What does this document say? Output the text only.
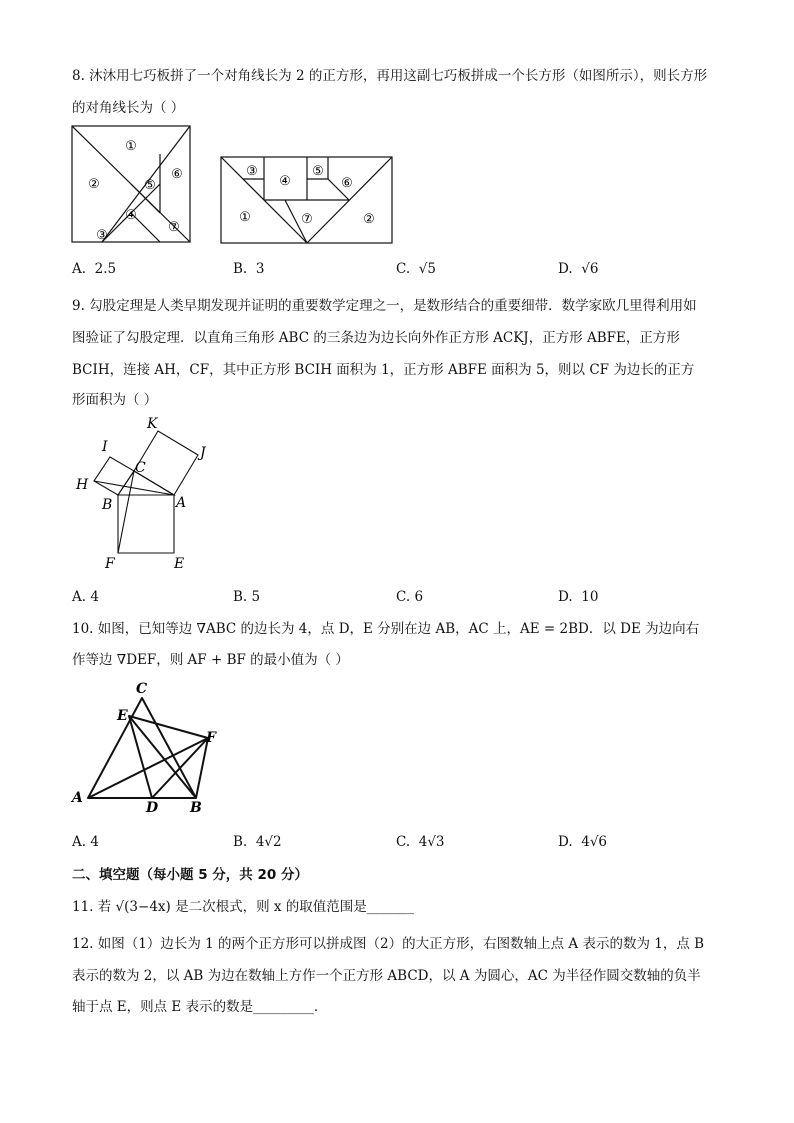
8. 沐沐用七巧板拼了一个对角线长为 2 的正方形，再用这副七巧板拼成一个长方形（如图所示），则长方形
的对角线长为（ ）
①
②	⑤
⑥
④
③
⑦
③
④
⑤
⑥
①	⑦	②
A. 2.5	B. 3	C. √5	D. √6
9. 勾股定理是人类早期发现并证明的重要数学定理之一，是数形结合的重要细带．数学家欧几里得利用如
图验证了勾股定理．以直角三角形 ABC 的三条边为边长向外作正方形 ACKJ，正方形 ABFE，正方形
BCIH，连接 AH，CF，其中正方形 BCIH 面积为 1，正方形 ABFE 面积为 5，则以 CF 为边长的正方
形面积为（ ）
K
I	J
C
H
B	A
F	E
A. 4	B. 5	C. 6	D. 10
10. 如图，已知等边 ∇ABC 的边长为 4，点 D，E 分别在边 AB，AC 上，AE = 2BD．以 DE 为边向右
作等边 ∇DEF，则 AF + BF 的最小值为（ ）
C
E
F
A
D B
A. 4	B. 4√2	C. 4√3	D. 4√6
二、填空题（每小题 5 分，共 20 分）
11. 若 √(3−4x) 是二次根式，则 x 的取值范围是_______
12. 如图（1）边长为 1 的两个正方形可以拼成图（2）的大正方形，右图数轴上点 A 表示的数为 1，点 B
表示的数为 2，以 AB 为边在数轴上方作一个正方形 ABCD，以 A 为圆心，AC 为半径作圆交数轴的负半
轴于点 E，则点 E 表示的数是_________．
